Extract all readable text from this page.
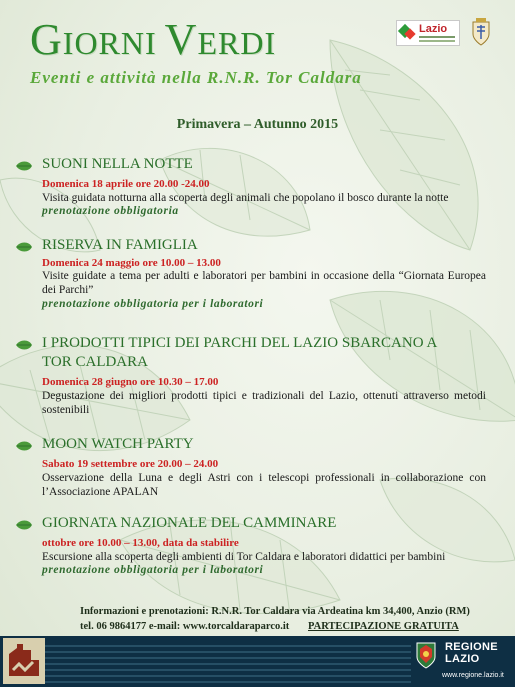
GIORNI VERDI
Eventi e attività nella R.N.R. Tor Caldara
Lazio
Primavera – Autunno 2015
SUONI NELLA NOTTE
Domenica 18 aprile ore 20.00 -24.00
Visita guidata notturna alla scoperta degli animali che popolano il bosco durante la notte
prenotazione obbligatoria
RISERVA IN FAMIGLIA
Domenica 24 maggio ore 10.00 – 13.00
Visite guidate a tema per adulti e laboratori per bambini in occasione della “Giornata Europea dei Parchi”
prenotazione obbligatoria per i laboratori
I PRODOTTI TIPICI DEI PARCHI DEL LAZIO SBARCANO A
TOR CALDARA
Domenica 28 giugno ore 10.30 – 17.00
Degustazione dei migliori prodotti tipici e tradizionali del Lazio, ottenuti attraverso metodi sostenibili
MOON WATCH PARTY
Sabato 19 settembre ore 20.00 – 24.00
Osservazione della Luna e degli Astri con i telescopi professionali in collaborazione con l’Associazione APALAN
GIORNATA NAZIONALE DEL CAMMINARE
ottobre ore 10.00 – 13.00, data da stabilire
Escursione alla scoperta degli ambienti di Tor Caldara e laboratori didattici per bambini
prenotazione obbligatoria per i laboratori
Informazioni e prenotazioni: R.N.R. Tor Caldara via Ardeatina km 34,400, Anzio (RM)
tel. 06 9864177 e-mail: www.torcaldaraparco.it PARTECIPAZIONE GRATUITA
REGIONE
LAZIO
www.regione.lazio.it
